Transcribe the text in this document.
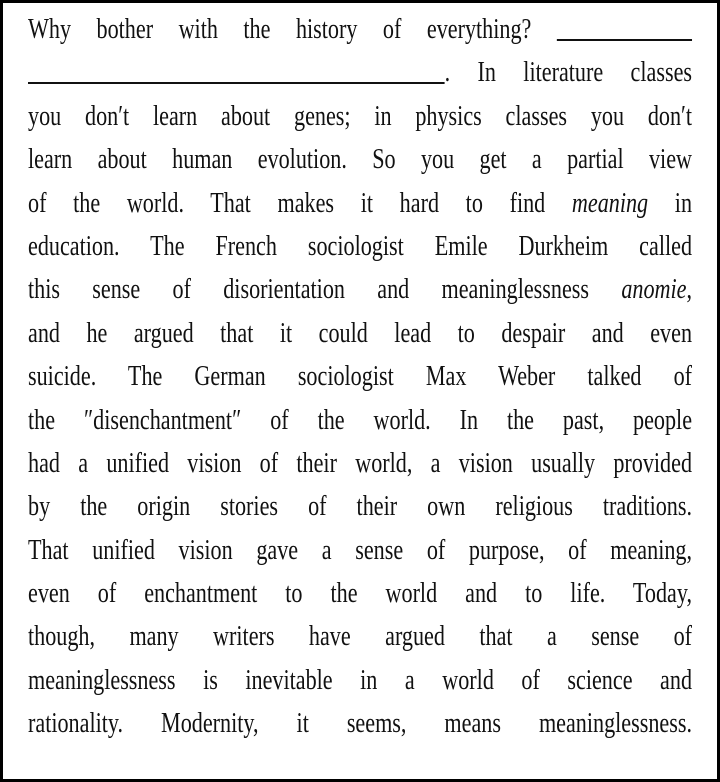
Why bother with the history of everything?
. In literature classes
you don′t learn about genes; in physics classes you don′t
learn about human evolution. So you get a partial view
of the world. That makes it hard to find meaning in
education. The French sociologist Emile Durkheim called
this sense of disorientation and meaninglessness anomie,
and he argued that it could lead to despair and even
suicide. The German sociologist Max Weber talked of
the ″disenchantment″ of the world. In the past, people
had a unified vision of their world, a vision usually provided
by the origin stories of their own religious traditions.
That unified vision gave a sense of purpose, of meaning,
even of enchantment to the world and to life. Today,
though, many writers have argued that a sense of
meaninglessness is inevitable in a world of science and
rationality. Modernity, it seems, means meaninglessness.
